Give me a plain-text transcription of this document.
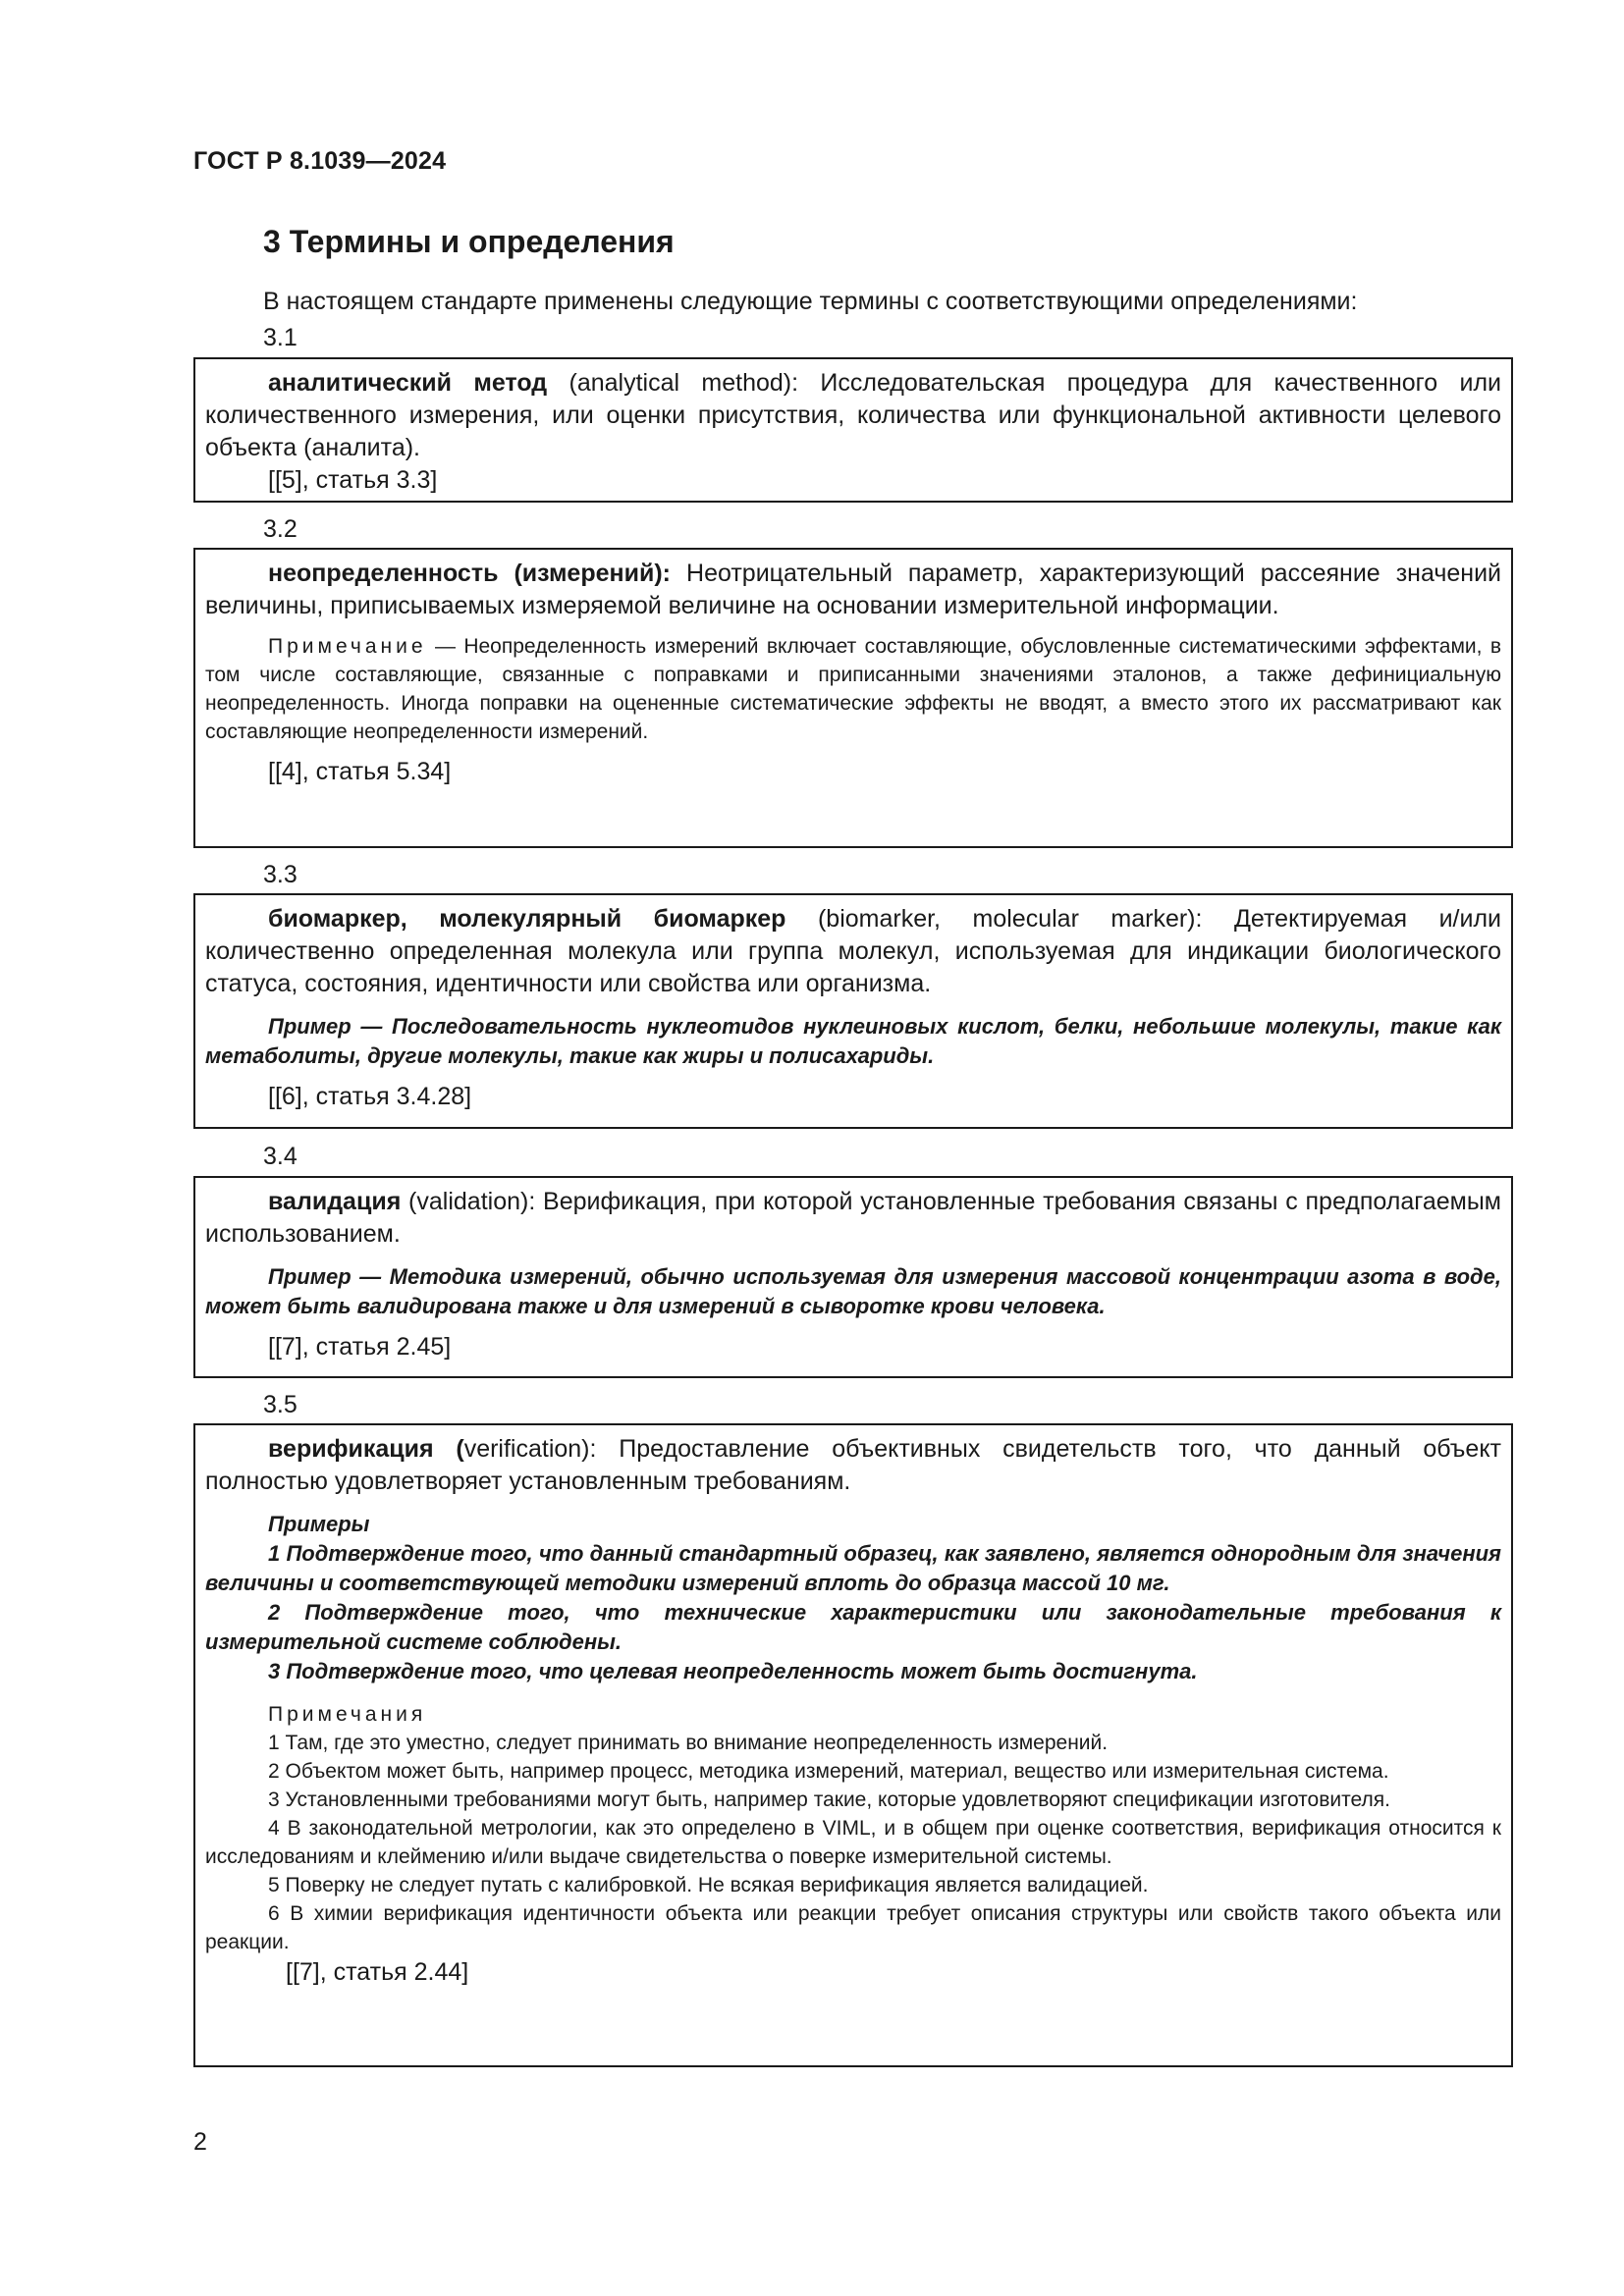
ГОСТ Р 8.1039—2024
3 Термины и определения
В настоящем стандарте применены следующие термины с соответствующими определениями:
3.1

аналитический метод (analytical method): Исследовательская процедура для качественного или количественного измерения, или оценки присутствия, количества или функциональной активности целевого объекта (аналита).

[[5], статья 3.3]

3.2

неопределенность (измерений): Неотрицательный параметр, характеризующий рассеяние значений величины, приписываемых измеряемой величине на основании измерительной информации.

Примечание — Неопределенность измерений включает составляющие, обусловленные систематическими эффектами, в том числе составляющие, связанные с поправками и приписанными значениями эталонов, а также дефинициальную неопределенность. Иногда поправки на оцененные систематические эффекты не вводят, а вместо этого их рассматривают как составляющие неопределенности измерений.

[[4], статья 5.34]

3.3

биомаркер, молекулярный биомаркер (biomarker, molecular marker): Детектируемая и/или количественно определенная молекула или группа молекул, используемая для индикации биологического статуса, состояния, идентичности или свойства или организма.

Пример — Последовательность нуклеотидов нуклеиновых кислот, белки, небольшие молекулы, такие как метаболиты, другие молекулы, такие как жиры и полисахариды.

[[6], статья 3.4.28]

3.4

валидация (validation): Верификация, при которой установленные требования связаны с предполагаемым использованием.

Пример — Методика измерений, обычно используемая для измерения массовой концентрации азота в воде, может быть валидирована также и для измерений в сыворотке крови человека.

[[7], статья 2.45]

3.5

верификация (verification): Предоставление объективных свидетельств того, что данный объект полностью удовлетворяет установленным требованиям.

Примеры

1 Подтверждение того, что данный стандартный образец, как заявлено, является однородным для значения величины и соответствующей методики измерений вплоть до образца массой 10 мг.

2 Подтверждение того, что технические характеристики или законодательные требования к измерительной системе соблюдены.

3 Подтверждение того, что целевая неопределенность может быть достигнута.

Примечания

1 Там, где это уместно, следует принимать во внимание неопределенность измерений.

2 Объектом может быть, например процесс, методика измерений, материал, вещество или измерительная система.

3 Установленными требованиями могут быть, например такие, которые удовлетворяют спецификации изготовителя.

4 В законодательной метрологии, как это определено в VIML, и в общем при оценке соответствия, верификация относится к исследованиям и клеймению и/или выдаче свидетельства о поверке измерительной системы.

5 Поверку не следует путать с калибровкой. Не всякая верификация является валидацией.

6 В химии верификация идентичности объекта или реакции требует описания структуры или свойств такого объекта или реакции.

[[7], статья 2.44]

2
